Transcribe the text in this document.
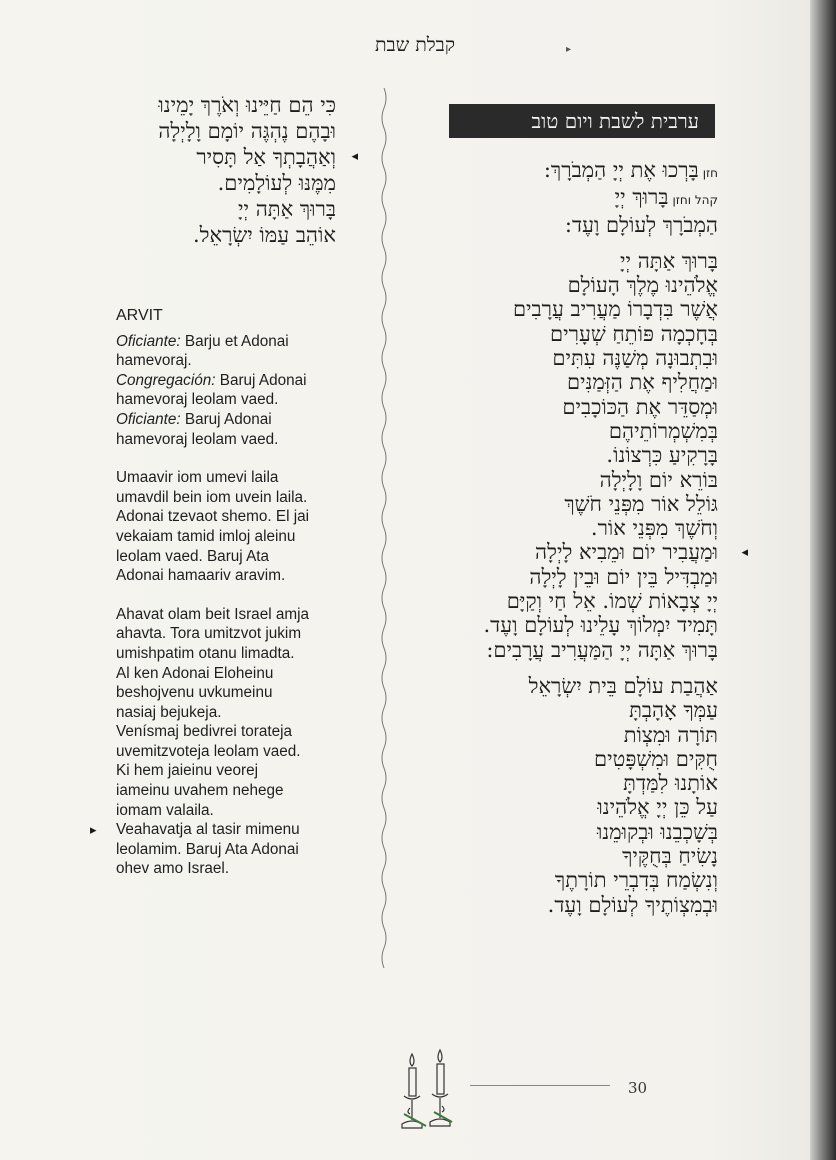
קבלת שבת	▸
כִּי הֵם חַיֵּינוּ וְאֹרֶךְ יָמֵינוּ
וּבָהֶם נֶהְגֶּה יוֹמָם וָלָיְלָה
וְאַהֲבָתְךָ אַל תָּסִיר ◂
מִמֶּנּוּ לְעוֹלָמִים.
בָּרוּךְ אַתָּה יְיָ
אוֹהֵב עַמּוֹ יִשְׂרָאֵל.
ערבית לשבת ויום טוב
חזןבָּרְכוּ אֶת יְיָ הַמְבֹרָךְ:
קהל וחזןבָּרוּךְ יְיָ
הַמְבֹרָךְ לְעוֹלָם וָעֶד:
בָּרוּךְ אַתָּה יְיָ
אֱלֹהֵינוּ מֶלֶךְ הָעוֹלָם
אֲשֶׁר בִּדְבָרוֹ מַעֲרִיב עֲרָבִים
בְּחָכְמָה פּוֹתֵחַ שְׁעָרִים
וּבִתְבוּנָה מְשַׁנֶּה עִתִּים
וּמַחֲלִיף אֶת הַזְּמַנִּים
וּמְסַדֵּר אֶת הַכּוֹכָבִים
בְּמִשְׁמְרוֹתֵיהֶם
בָּרָקִיעַ כִּרְצוֹנוֹ.
בּוֹרֵא יוֹם וָלָיְלָה
גּוֹלֵל אוֹר מִפְּנֵי חֹשֶׁךְ
וְחֹשֶׁךְ מִפְּנֵי אוֹר.
וּמַעֲבִיר יוֹם וּמֵבִיא לָיְלָה ◂
וּמַבְדִּיל בֵּין יוֹם וּבֵין לָיְלָה
יְיָ צְבָאוֹת שְׁמוֹ. אֵל חַי וְקַיָּם
תָּמִיד יִמְלוֹךְ עָלֵינוּ לְעוֹלָם וָעֶד.
בָּרוּךְ אַתָּה יְיָ הַמַּעֲרִיב עֲרָבִים:
אַהֲבַת עוֹלָם בֵּית יִשְׂרָאֵל
עַמְּךָ אָהָבְתָּ
תּוֹרָה וּמִצְוֹת
חֻקִּים וּמִשְׁפָּטִים
אוֹתָנוּ לִמַּדְתָּ
עַל כֵּן יְיָ אֱלֹהֵינוּ
בְּשָׁכְבֵנוּ וּבְקוּמֵנוּ
נָשִׂיחַ בְּחֻקֶּיךָ
וְנִשְׂמַח בְּדִבְרֵי תוֹרָתֶךָ
וּבְמִצְוֹתֶיךָ לְעוֹלָם וָעֶד.
ARVIT
Oficiante: Barju et Adonai
hamevoraj.
Congregación: Baruj Adonai
hamevoraj leolam vaed.
Oficiante: Baruj Adonai
hamevoraj leolam vaed.
Umaavir iom umevi laila
umavdil bein iom uvein laila.
Adonai tzevaot shemo. El jai
vekaiam tamid imloj aleinu
leolam vaed. Baruj Ata
Adonai hamaariv aravim.
Ahavat olam beit Israel amja
ahavta. Tora umitzvot jukim
umishpatim otanu limadta.
Al ken Adonai Eloheinu
beshojvenu uvkumeinu
nasiaj bejukeja.
Venísmaj bedivrei torateja
uvemitzvoteja leolam vaed.
Ki hem jaieinu veorej
iameinu uvahem nehege
iomam valaila.
▸ Veahavatja al tasir mimenu
leolamim. Baruj Ata Adonai
ohev amo Israel.
30
